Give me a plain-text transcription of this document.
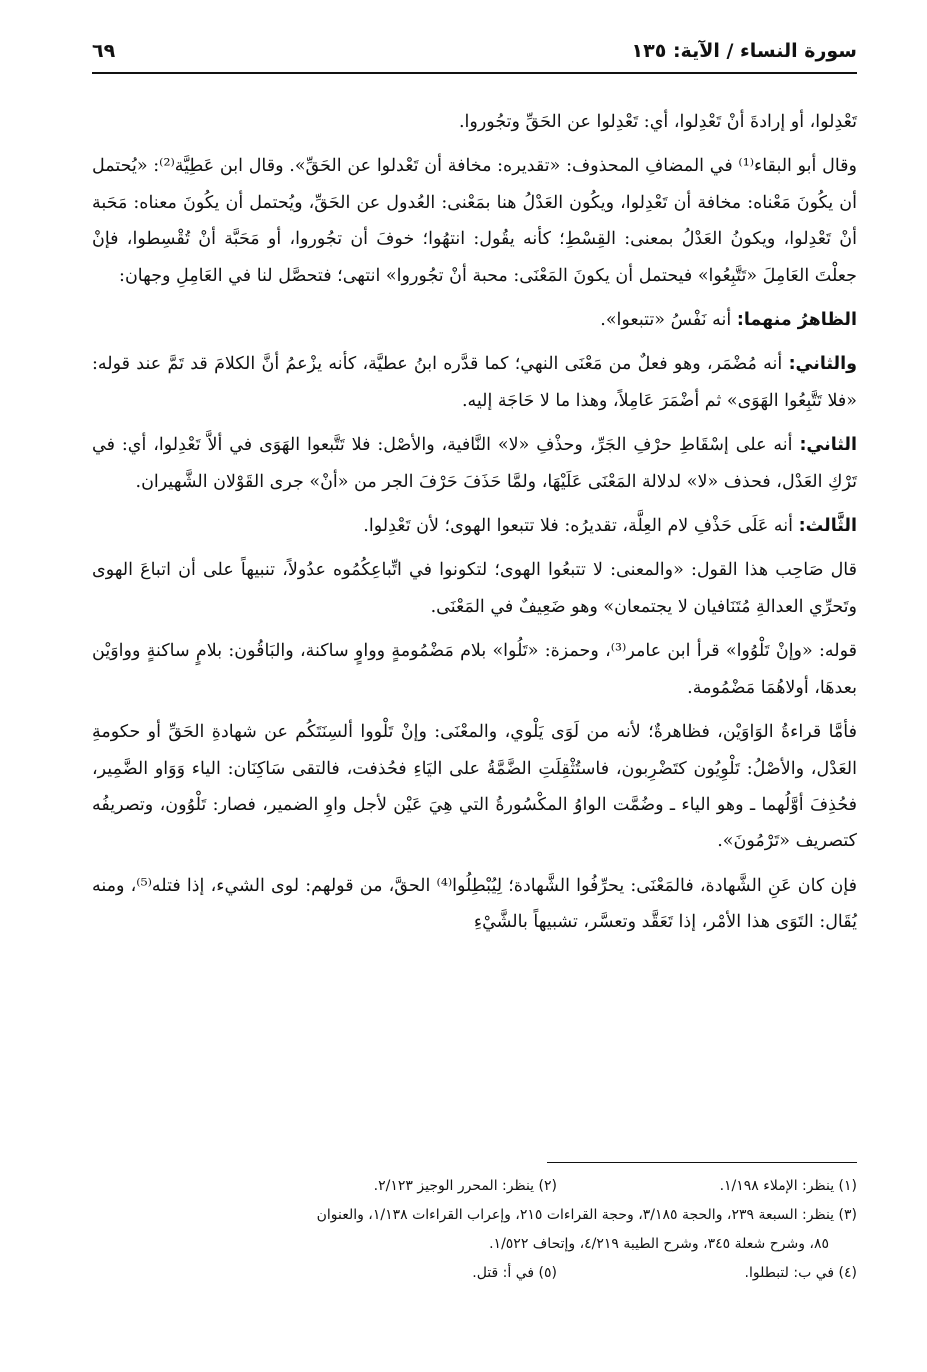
سورة النساء / الآية: ١٣٥
٦٩

تَعْدِلوا، أو إرادةَ أنْ تَعْدِلوا، أي: تَعْدِلوا عن الحَقِّ وتجُوروا.

وقال أبو البقاء⁽¹⁾ في المضافِ المحذوف: «تقديره: مخافة أن تَعْدلوا عن الحَقِّ». وقال ابن عَطِيَّة⁽²⁾: «يُحتمل أن يكُونَ مَعْناه: مخافة أن تَعْدِلوا، ويكُون العَدْلُ هنا بمَعْنى: العُدول عن الحَقِّ، ويُحتمل أن يكُونَ معناه: مَحَبة أنْ تَعْدِلوا، ويكونُ العَدْلُ بمعنى: القِسْطِ؛ كأنه يقُول: انتهُوا؛ خوفَ أن تجُوروا، أو مَحَبَّة أنْ تُقْسِطوا، فإنْ جعلْتَ العَامِلَ «تَتَّبِعُوا» فيحتمل أن يكونَ المَعْنَى: محبة أنْ تجُوروا» انتهى؛ فتحصَّل لنا في العَامِلِ وجهان:

الظاهرُ منهما: أنه نَفْسُ «تتبعوا».

والثاني: أنه مُضْمَر، وهو فعلٌ من مَعْنَى النهي؛ كما قدَّره ابنُ عطيَّة، كأنه يزْعمُ أنَّ الكلامَ قد تَمَّ عند قوله: «فلا تَتَّبِعُوا الهَوَى» ثم أضْمَرَ عَامِلاً، وهذا ما لا حَاجَة إليه.

الثاني: أنه على إسْقَاطِ حرْفِ الجَرِّ، وحذْفِ «لا» النَّافية، والأصْل: فلا تَتَّبعوا الهَوَى في ألاَّ تَعْدِلوا، أي: في تَرْكِ العَدْل، فحذف «لا» لدلالة المَعْنَى عَلَيْهَا، ولمَّا حَذَفَ حَرْفَ الجر من «أنْ» جرى القَوْلان الشَّهيران.

الثَّالث: أنه عَلَى حَذْفِ لام العِلَّة، تقديرُه: فلا تتبعوا الهوى؛ لأن تَعْدِلوا.

قال صَاحِب هذا القول: «والمعنى: لا تتبعُوا الهوى؛ لتكونوا في اتِّباعِكُمُوه عدُولاً، تنبيهاً على أن اتباعَ الهوى وتَحرِّي العدالةِ مُتَنَافيان لا يجتمعان» وهو ضَعِيفٌ في المَعْنَى.

قوله: «وإنْ تَلْوُوا» قرأ ابن عامر⁽³⁾، وحمزة: «تَلُوا» بلام مَضْمُومةٍ وواوٍ ساكنة، والبَاقُون: بلامٍ ساكنةٍ وواوَيْن بعدهَا، أولاهُمَا مَضْمُومة.

فأمَّا قراءةُ الوَاوَيْن، فظاهرةٌ؛ لأنه من لَوَى يَلْوي، والمعْنَى: وإنْ تَلْووا ألسِنَتَكُم عن شهادةِ الحَقِّ أو حكومةِ العَدْل، والأصْلُ: تَلْوِيُون كتَضْرِبون، فاستُثْقِلَتِ الضَّمَّةُ على اليَاءِ فحُذفت، فالتقى سَاكِنَان: الياء وَوَاو الضَّمِير، فحُذِفَ أوَّلُهما ـ وهو الياء ـ وضُمَّت الواوُ المكْسُورةُ التي هِيَ عَيْن لأجل واوِ الضمير، فصار: تَلْوُون، وتصريفُه كتصريف «تَرْمُونَ».

فإن كان عَنِ الشَّهادة، فالمَعْنَى: يحرِّفُوا الشَّهادة؛ لِيُبْطِلُوا⁽⁴⁾ الحقَّ، من قولهم: لوى الشيء، إذا فتله⁽⁵⁾، ومنه يُقَال: التَوَى هذا الأمْر، إذا تَعَقَّد وتعسَّر، تشبيهاً بالشَّيْءِ

(١) ينظر: الإملاء ١/١٩٨.
(٢) ينظر: المحرر الوجيز ٢/١٢٣.
(٣) ينظر: السبعة ٢٣٩، والحجة ٣/١٨٥، وحجة القراءات ٢١٥، وإعراب القراءات ١/١٣٨، والعنوان
٨٥، وشرح شعلة ٣٤٥، وشرح الطيبة ٤/٢١٩، وإتحاف ١/٥٢٢.
(٤) في ب: لتبطلوا.
(٥) في أ: قتل.
